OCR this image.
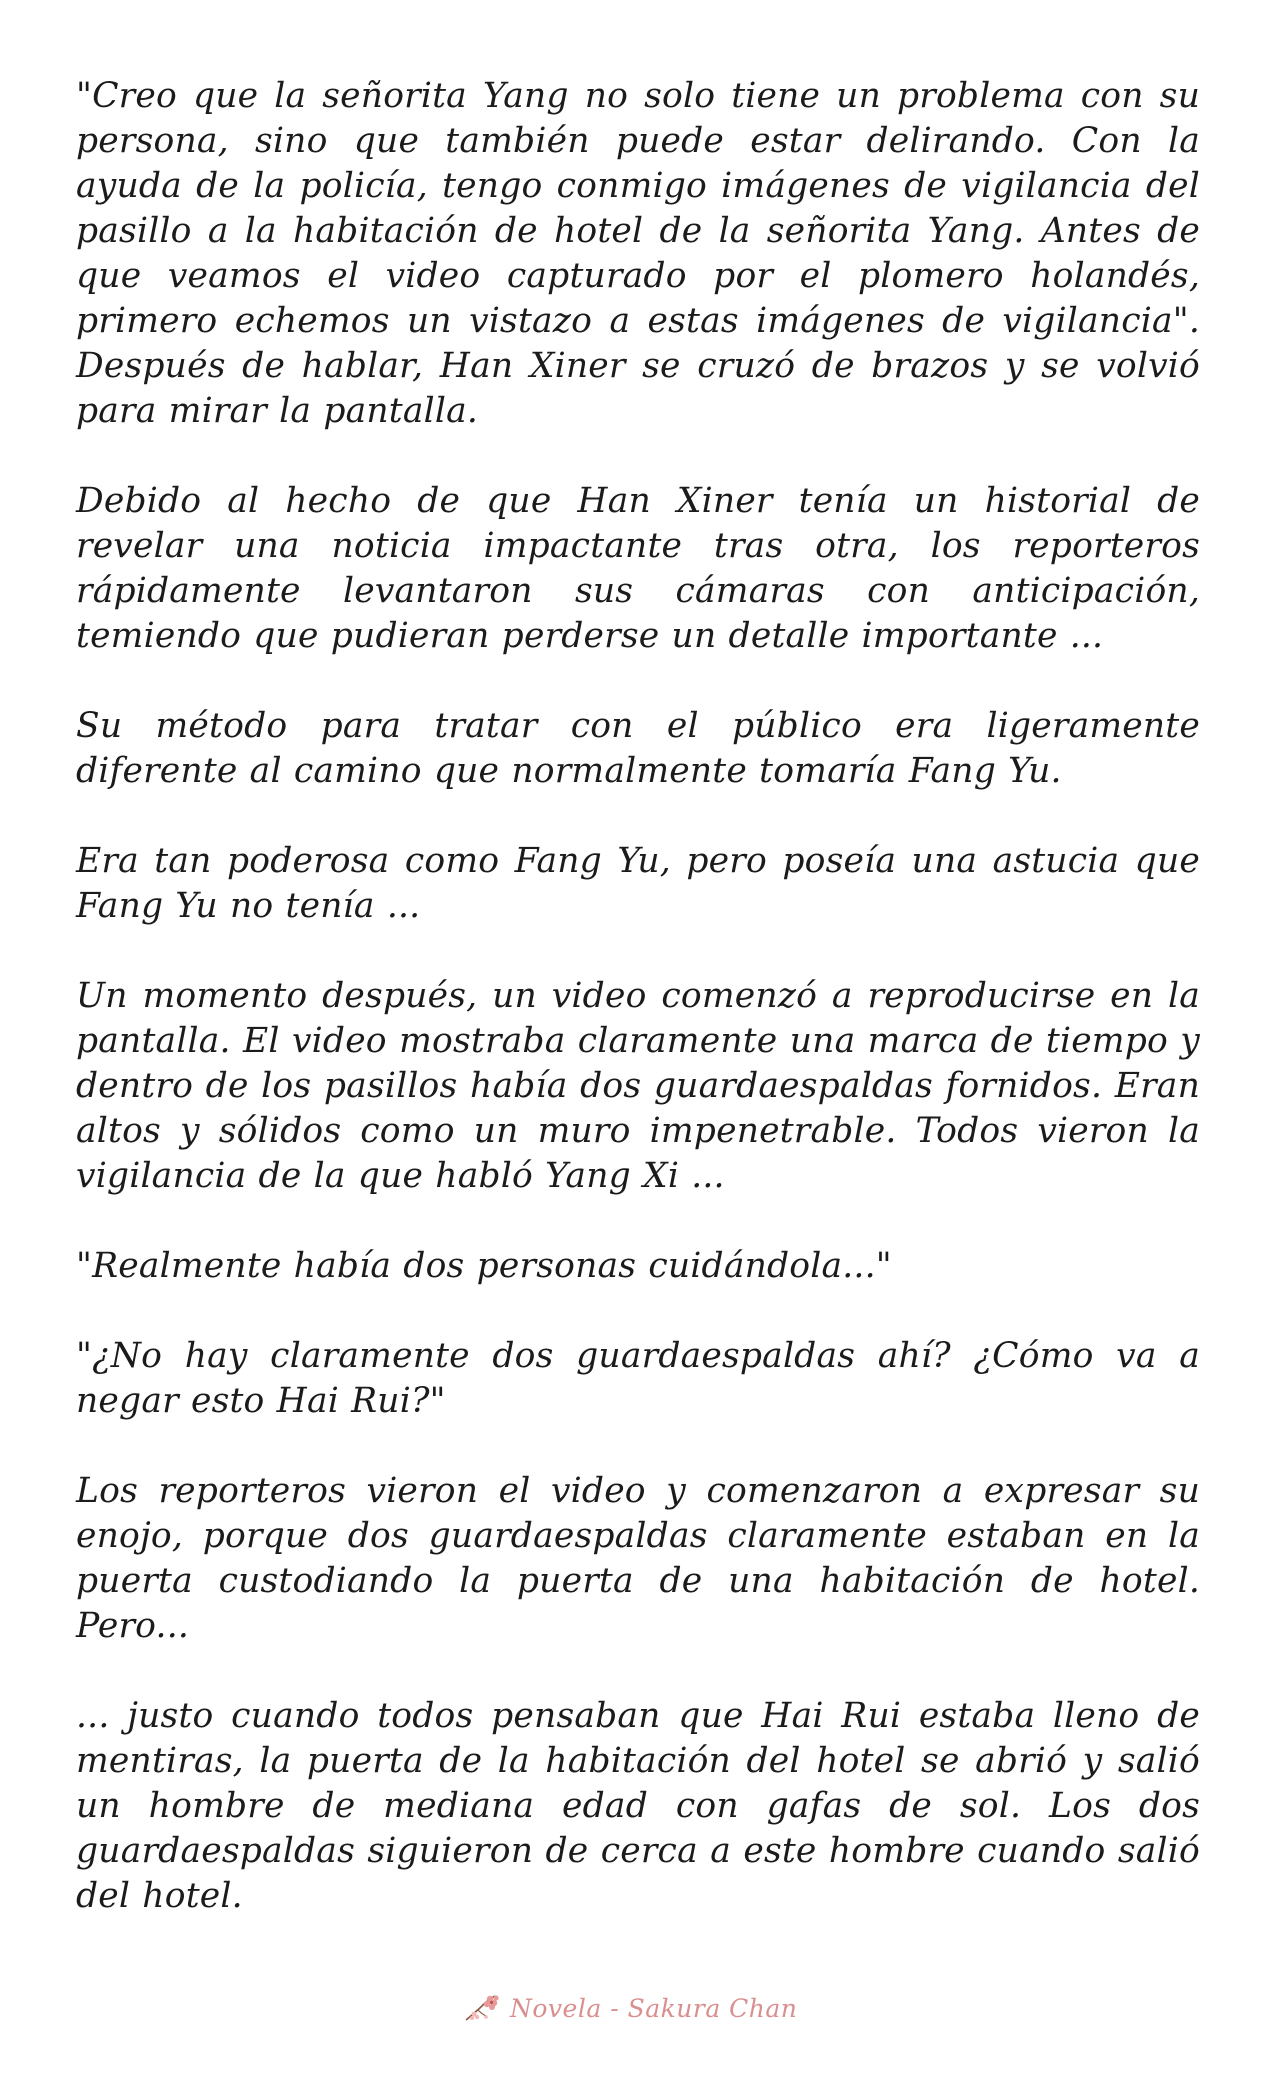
"Creo que la señorita Yang no solo tiene un problema con su persona, sino que también puede estar delirando. Con la ayuda de la policía, tengo conmigo imágenes de vigilancia del pasillo a la habitación de hotel de la señorita Yang. Antes de que veamos el video capturado por el plomero holandés, primero echemos un vistazo a estas imágenes de vigilancia". Después de hablar, Han Xiner se cruzó de brazos y se volvió para mirar la pantalla.

Debido al hecho de que Han Xiner tenía un historial de revelar una noticia impactante tras otra, los reporteros rápidamente levantaron sus cámaras con anticipación, temiendo que pudieran perderse un detalle importante ...

Su método para tratar con el público era ligeramente diferente al camino que normalmente tomaría Fang Yu.

Era tan poderosa como Fang Yu, pero poseía una astucia que Fang Yu no tenía ...

Un momento después, un video comenzó a reproducirse en la pantalla. El video mostraba claramente una marca de tiempo y dentro de los pasillos había dos guardaespaldas fornidos. Eran altos y sólidos como un muro impenetrable. Todos vieron la vigilancia de la que habló Yang Xi ...

"Realmente había dos personas cuidándola..."

"¿No hay claramente dos guardaespaldas ahí? ¿Cómo va a negar esto Hai Rui?"

Los reporteros vieron el video y comenzaron a expresar su enojo, porque dos guardaespaldas claramente estaban en la puerta custodiando la puerta de una habitación de hotel. Pero...

... justo cuando todos pensaban que Hai Rui estaba lleno de mentiras, la puerta de la habitación del hotel se abrió y salió un hombre de mediana edad con gafas de sol. Los dos guardaespaldas siguieron de cerca a este hombre cuando salió del hotel.

Novela - Sakura Chan
